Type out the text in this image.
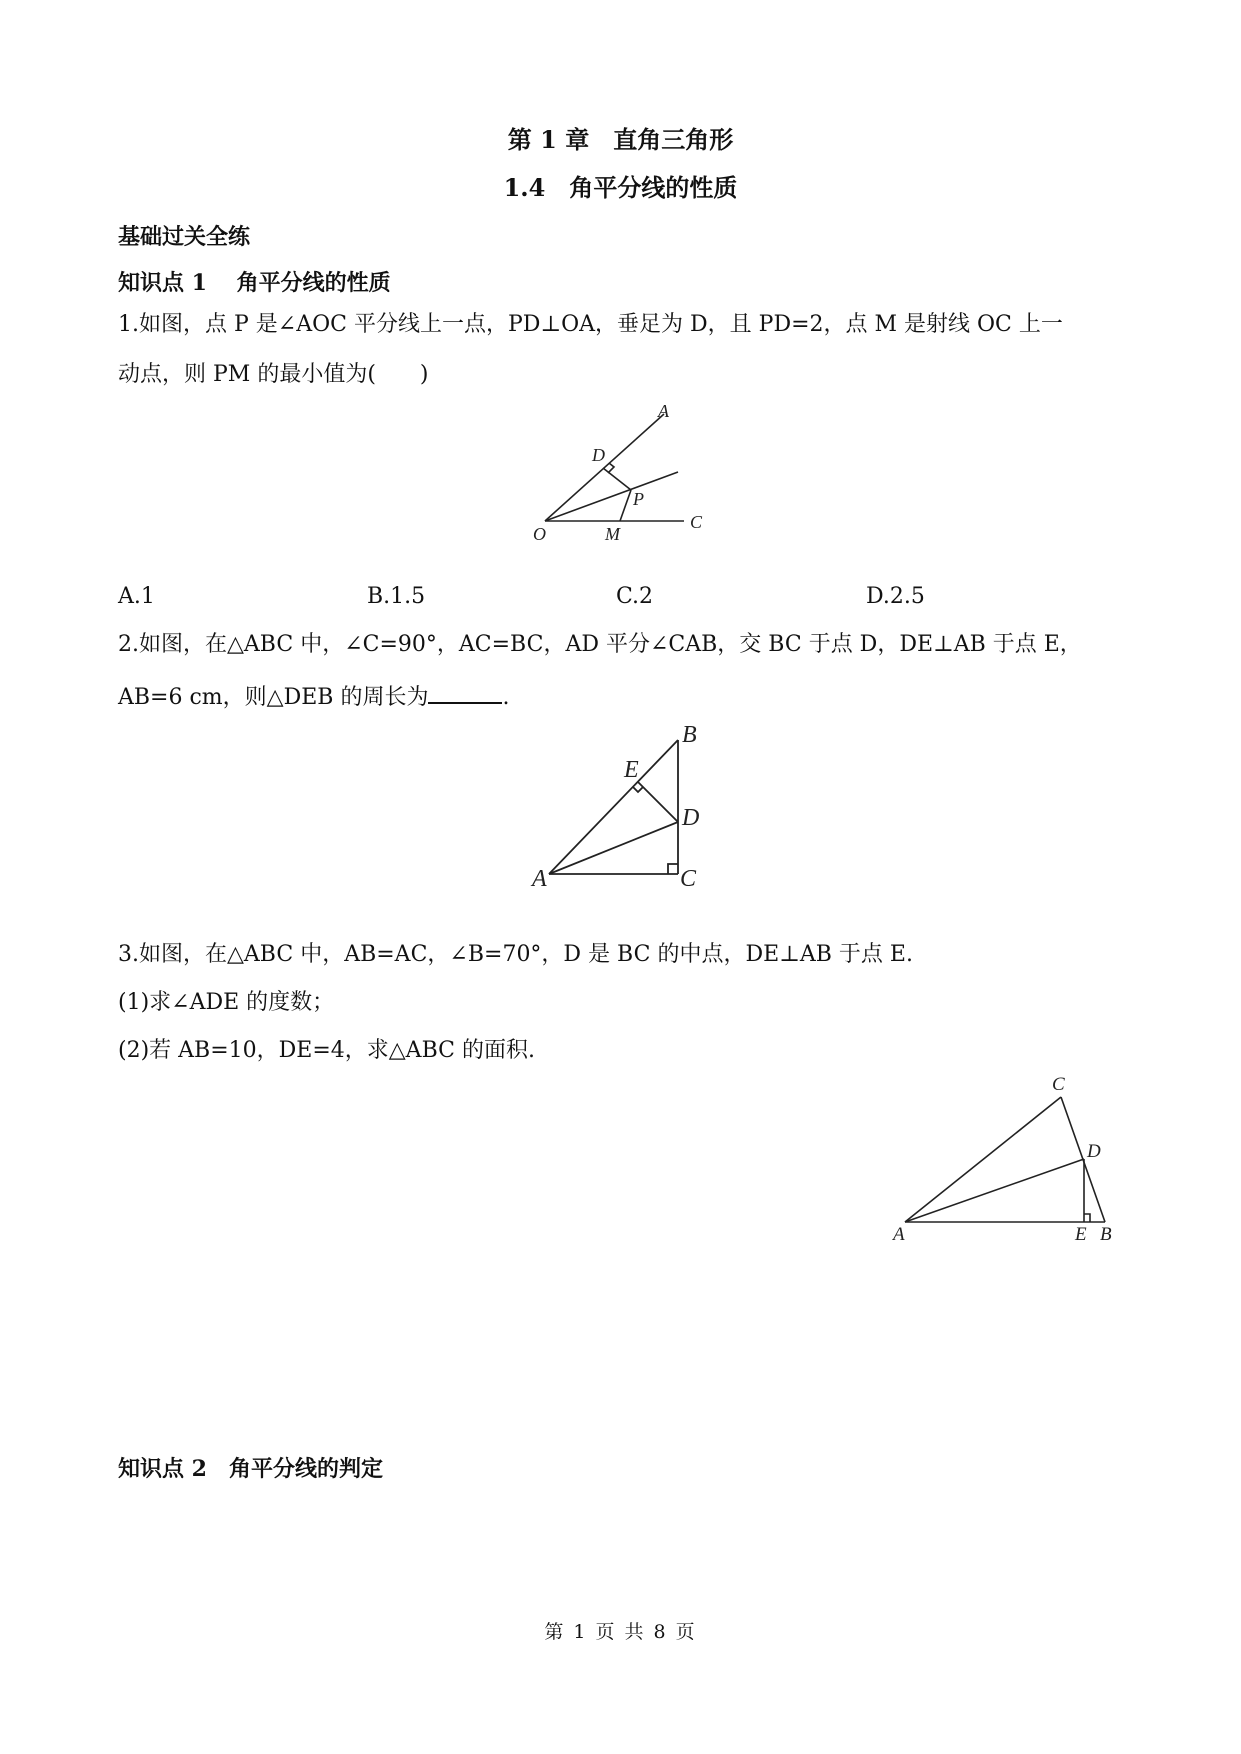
第 1 章　直角三角形
1.4　角平分线的性质
基础过关全练
知识点 1　 角平分线的性质
1.如图，点 P 是∠AOC 平分线上一点，PD⊥OA，垂足为 D，且 PD=2，点 M 是射线 OC 上一
动点，则 PM 的最小值为(　　)
A
D
P
O	M
C
A.1	B.1.5	C.2	D.2.5
2.如图，在△ABC 中，∠C=90°，AC=BC，AD 平分∠CAB，交 BC 于点 D，DE⊥AB 于点 E，
AB=6 cm，则△DEB 的周长为	.
B
E
D
A	C
3.如图，在△ABC 中，AB=AC，∠B=70°，D 是 BC 的中点，DE⊥AB 于点 E.
(1)求∠ADE 的度数；
(2)若 AB=10，DE=4，求△ABC 的面积.
C
D
A	E B
知识点 2　角平分线的判定
第 1 页 共 8 页
